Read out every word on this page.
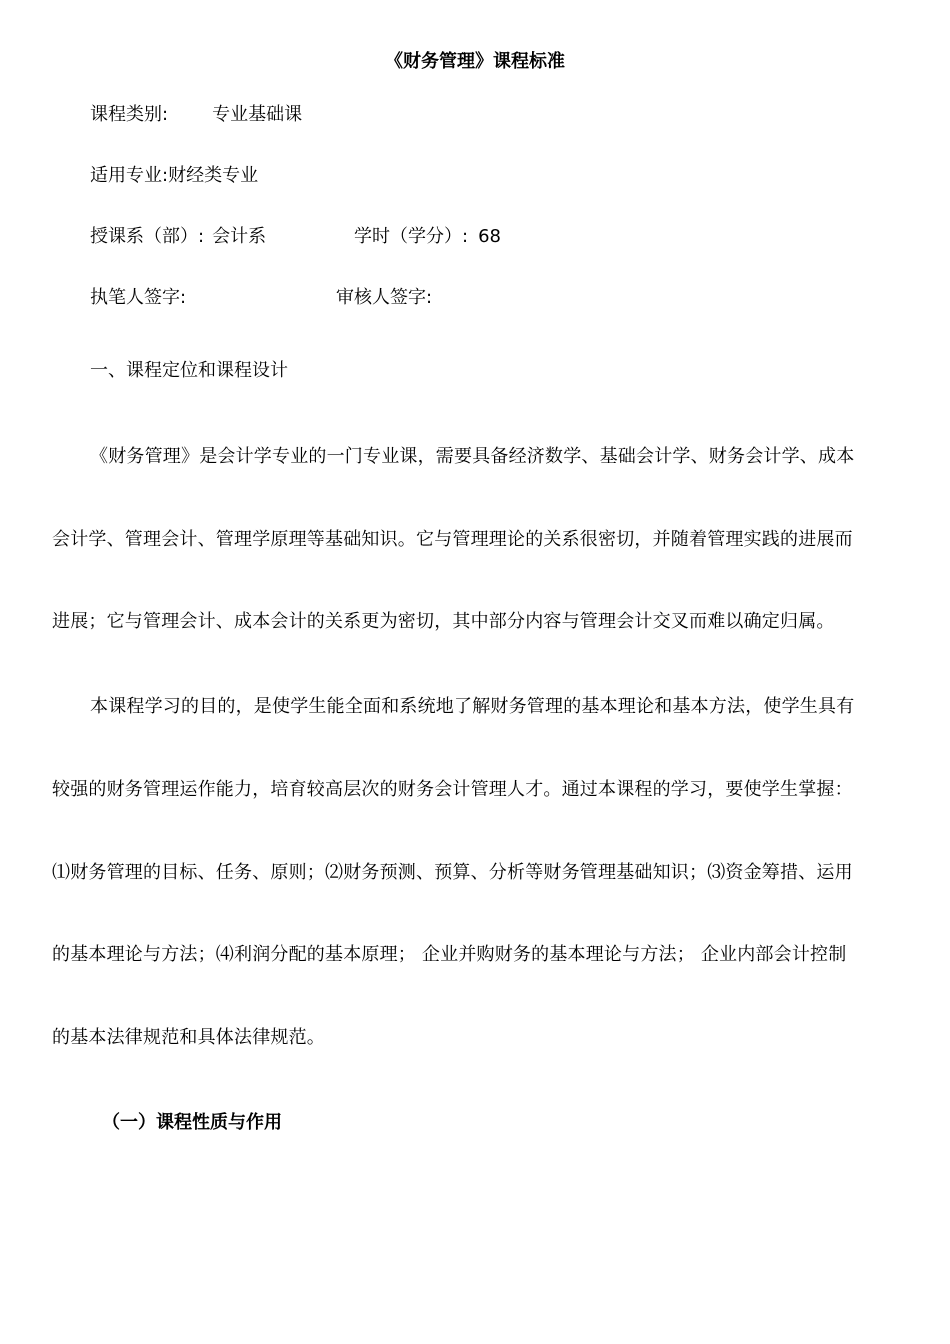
《财务管理》课程标准
课程类别: 专业基础课
适用专业:财经类专业
授课系（部）: 会计系	学时（学分）: 68
执笔人签字:	审核人签字:
一、课程定位和课程设计
《财务管理》是会计学专业的一门专业课，需要具备经济数学、基础会计学、财务会计学、成本
会计学、管理会计、管理学原理等基础知识。它与管理理论的关系很密切，并随着管理实践的进展而
进展；它与管理会计、成本会计的关系更为密切，其中部分内容与管理会计交叉而难以确定归属。
本课程学习的目的，是使学生能全面和系统地了解财务管理的基本理论和基本方法，使学生具有
较强的财务管理运作能力，培育较高层次的财务会计管理人才。通过本课程的学习，要使学生掌握：
⑴财务管理的目标、任务、原则；⑵财务预测、预算、分析等财务管理基础知识；⑶资金筹措、运用
的基本理论与方法；⑷利润分配的基本原理； 企业并购财务的基本理论与方法； 企业内部会计控制
的基本法律规范和具体法律规范。
（一）课程性质与作用
